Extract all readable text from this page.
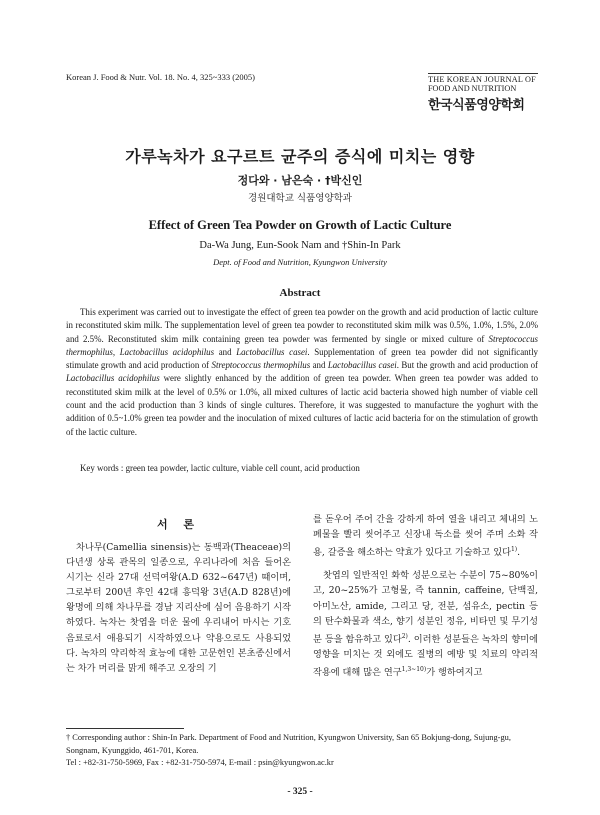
Korean J. Food & Nutr. Vol. 18. No. 4, 325~333 (2005)	THE KOREAN JOURNAL OF
FOOD AND NUTRITION
한국식품영양학회
가루녹차가 요구르트 균주의 증식에 미치는 영향
정다와 · 남은숙 · †박신인
경원대학교 식품영양학과
Effect of Green Tea Powder on Growth of Lactic Culture
Da-Wa Jung, Eun-Sook Nam and †Shin-In Park
Dept. of Food and Nutrition, Kyungwon University
Abstract

This experiment was carried out to investigate the effect of green tea powder on the growth and acid production of lactic culture in reconstituted skim milk. The supplementation level of green tea powder to reconstituted skim milk was 0.5%, 1.0%, 1.5%, 2.0% and 2.5%. Reconstituted skim milk containing green tea powder was fermented by single or mixed culture of Streptococcus thermophilus, Lactobacillus acidophilus and Lactobacillus casei. Supplementation of green tea powder did not significantly stimulate growth and acid production of Streptococcus thermophilus and Lactobacillus casei. But the growth and acid production of Lactobacillus acidophilus were slightly enhanced by the addition of green tea powder. When green tea powder was added to reconstituted skim milk at the level of 0.5% or 1.0%, all mixed cultures of lactic acid bacteria showed high number of viable cell count and the acid production than 3 kinds of single cultures. Therefore, it was suggested to manufacture the yoghurt with the addition of 0.5~1.0% green tea powder and the inoculation of mixed cultures of lactic acid bacteria for on the stimulation of growth of the lactic culture.

Key words : green tea powder, lactic culture, viable cell count, acid production
서 론

차나무(Camellia sinensis)는 동백과(Theaceae)의 다년생 상록 관목의 일종으로, 우리나라에 처음 들어온 시기는 신라 27대 선덕여왕(A.D 632~647년) 때이며, 그로부터 200년 후인 42대 흥덕왕 3년(A.D 828년)에 왕명에 의해 차나무를 경남 지리산에 심어 음용하기 시작하였다. 녹차는 찻엽을 더운 물에 우리내어 마시는 기호 음료로서 애용되기 시작하였으나 약용으로도 사용되었다. 녹차의 약리학적 효능에 대한 고문헌인 본초종신에서는 차가 머리를 맑게 해주고 오장의 기

를 돋우어 주어 간을 강하게 하여 열을 내리고 체내의 노폐물을 빨리 씻어주고 신장내 독소를 씻어 주며 소화 작용, 갈증을 해소하는 약효가 있다고 기술하고 있다$^{1)}$.

찻엽의 일반적인 화학 성분으로는 수분이 75~80%이고, 20~25%가 고형물, 즉 tannin, caffeine, 단백질, 아미노산, amide, 그리고 당, 전분, 섬유소, pectin 등의 탄수화물과 색소, 향기 성분인 정유, 비타민 및 무기성분 등을 함유하고 있다$^{2)}$. 이러한 성분들은 녹차의 향미에 영향을 미치는 것 외에도 질병의 예방 및 치료의 약리적 작용에 대해 많은 연구$^{1,3\sim 10)}$가 행하여지고

† Corresponding author : Shin-In Park. Department of Food and Nutrition, Kyungwon University, San 65 Bokjung-dong, Sujung-gu, Songnam, Kyunggido, 461-701, Korea.

Tel : +82-31-750-5969, Fax : +82-31-750-5974, E-mail : psin@kyungwon.ac.kr

- 325 -
